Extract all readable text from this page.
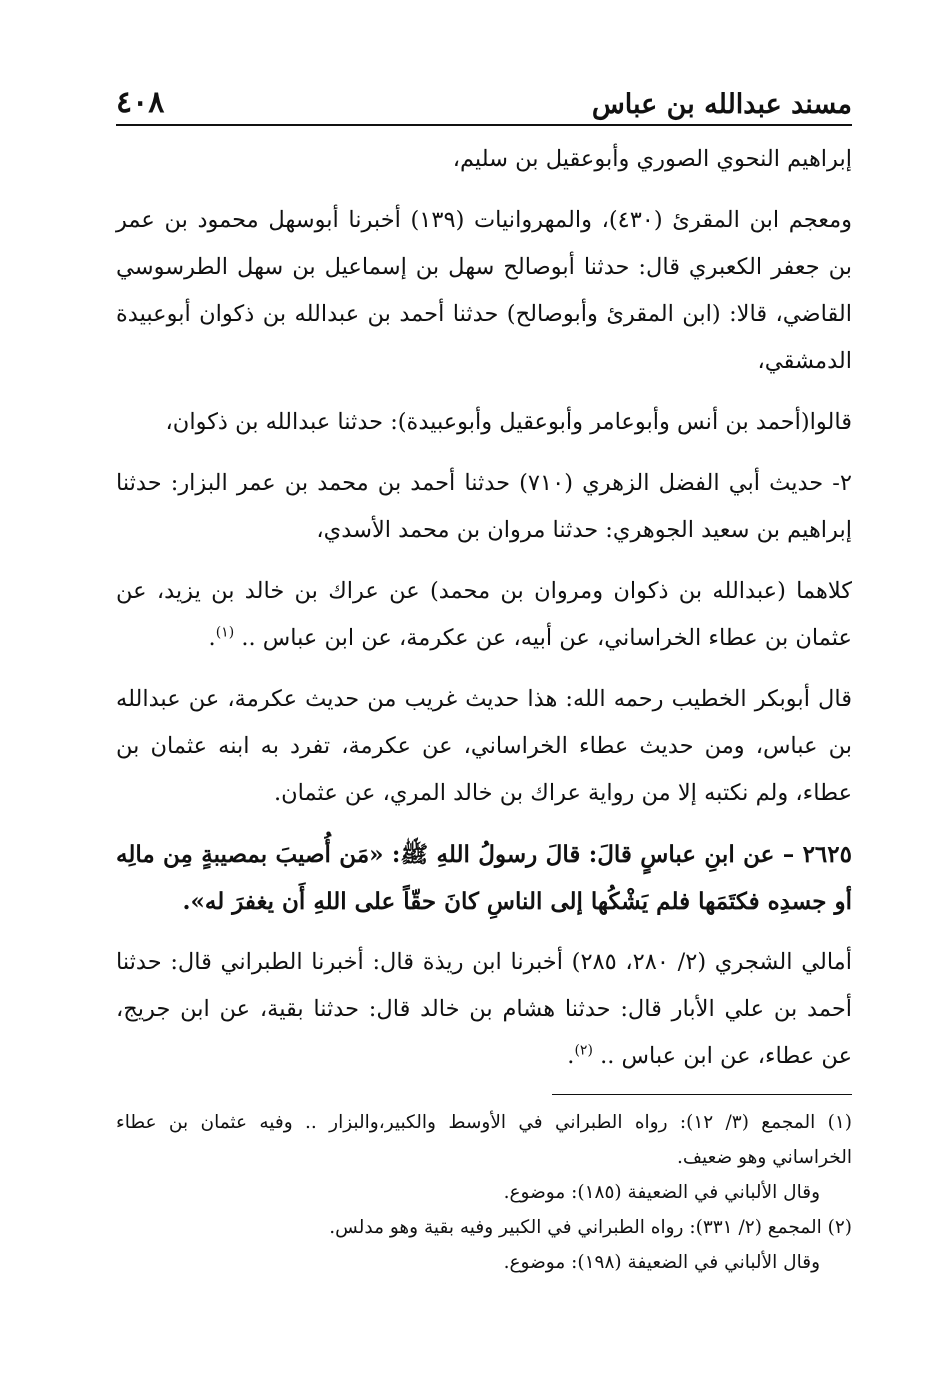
مسند عبدالله بن عباس
٤٠٨

إبراهيم النحوي الصوري وأبوعقيل بن سليم،

ومعجم ابن المقرئ (٤٣٠)، والمهروانيات (١٣٩) أخبرنا أبوسهل محمود بن عمر بن جعفر الكعبري قال: حدثنا أبوصالح سهل بن إسماعيل بن سهل الطرسوسي القاضي، قالا: (ابن المقرئ وأبوصالح) حدثنا أحمد بن عبدالله بن ذكوان أبوعبيدة الدمشقي،

قالوا(أحمد بن أنس وأبوعامر وأبوعقيل وأبوعبيدة): حدثنا عبدالله بن ذكوان،

٢- حديث أبي الفضل الزهري (٧١٠) حدثنا أحمد بن محمد بن عمر البزار: حدثنا إبراهيم بن سعيد الجوهري: حدثنا مروان بن محمد الأسدي،

كلاهما (عبدالله بن ذكوان ومروان بن محمد) عن عراك بن خالد بن يزيد، عن عثمان بن عطاء الخراساني، عن أبيه، عن عكرمة، عن ابن عباس .. $^{(١)}$.

قال أبوبكر الخطيب رحمه الله: هذا حديث غريب من حديث عكرمة، عن عبدالله بن عباس، ومن حديث عطاء الخراساني، عن عكرمة، تفرد به ابنه عثمان بن عطاء، ولم نكتبه إلا من رواية عراك بن خالد المري، عن عثمان.

٢٦٢٥ – عن ابنِ عباسٍ قالَ: قالَ رسولُ اللهِ ﷺ: «مَن أُصيبَ بمصيبةٍ مِن مالِه أو جسدِه فكتَمَها فلم يَشْكُها إلى الناسِ كانَ حقّاً على اللهِ أَن يغفرَ له».

أمالي الشجري (٢/ ٢٨٠، ٢٨٥) أخبرنا ابن ريذة قال: أخبرنا الطبراني قال: حدثنا أحمد بن علي الأبار قال: حدثنا هشام بن خالد قال: حدثنا بقية، عن ابن جريج، عن عطاء، عن ابن عباس .. $^{(٢)}$.

(١) المجمع (٣/ ١٢): رواه الطبراني في الأوسط والكبير،والبزار .. وفيه عثمان بن عطاء الخراساني وهو ضعيف.

وقال الألباني في الضعيفة (١٨٥): موضوع.

(٢) المجمع (٢/ ٣٣١): رواه الطبراني في الكبير وفيه بقية وهو مدلس.

وقال الألباني في الضعيفة (١٩٨): موضوع.
